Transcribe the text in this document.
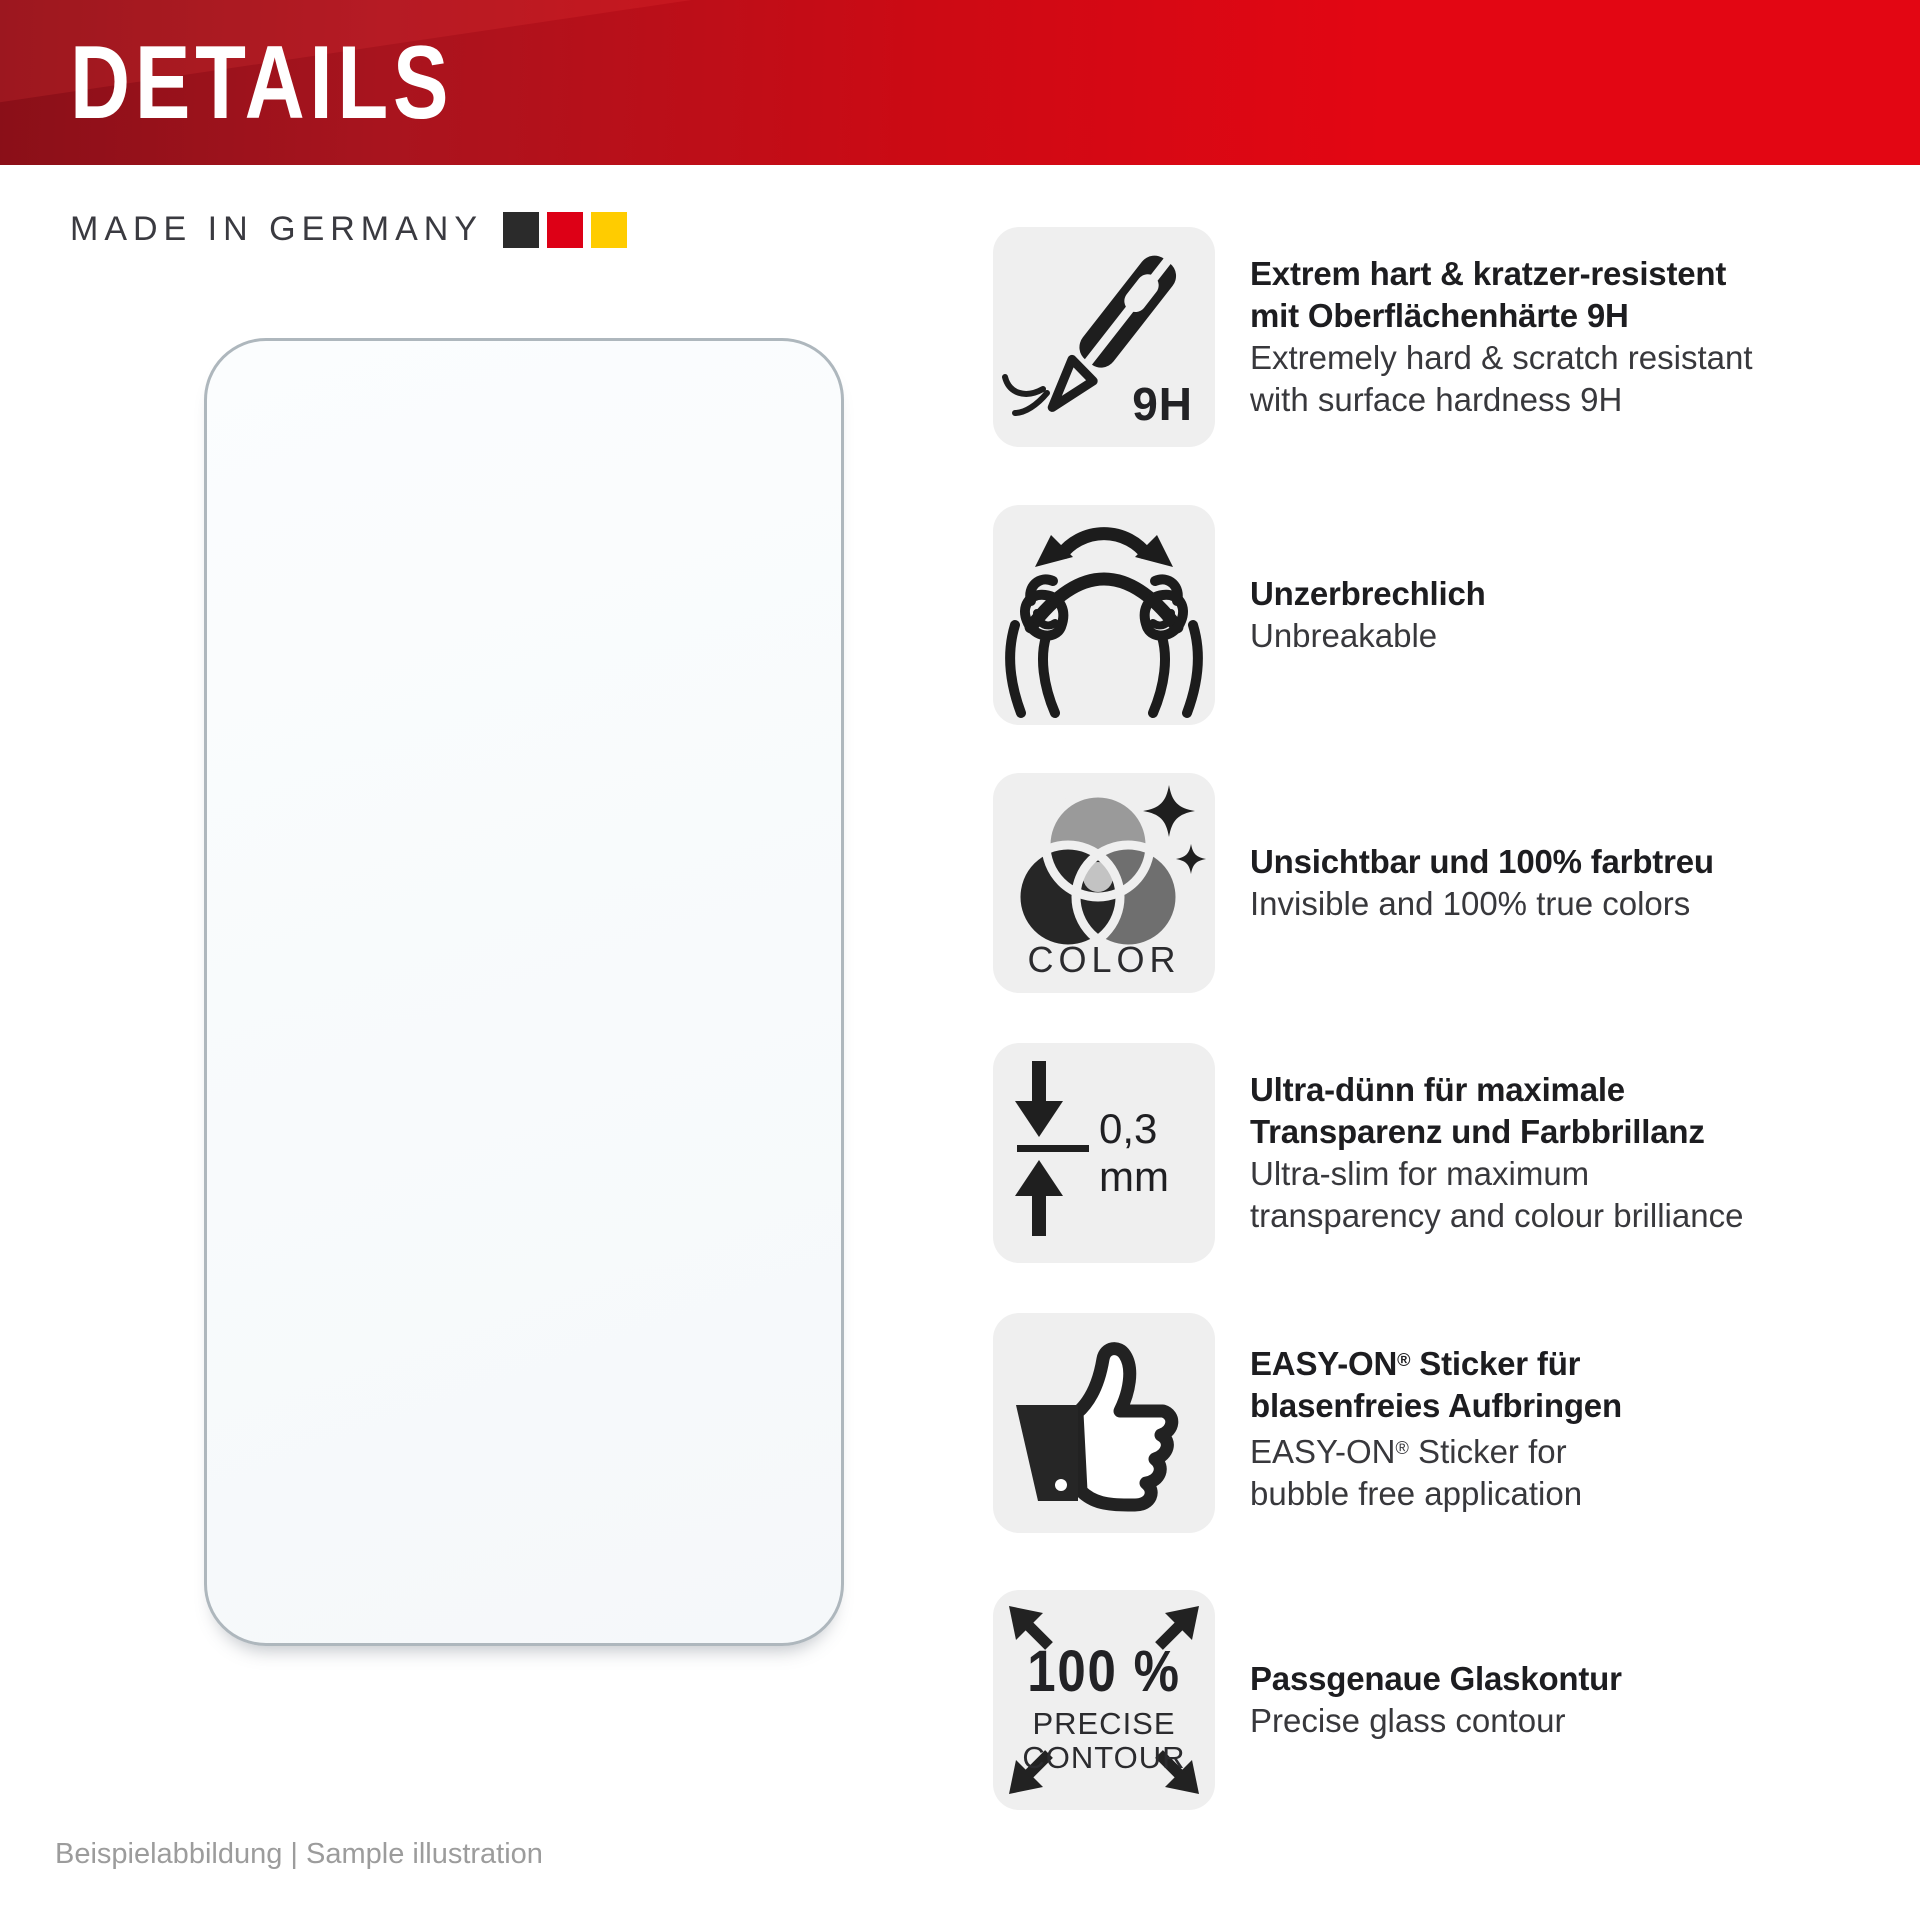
DETAILS
MADE IN GERMANY
9H
Extrem hart & kratzer-resistent
mit Oberflächenhärte 9H
Extremely hard & scratch resistant
with surface hardness 9H
Unzerbrechlich
Unbreakable
COLOR
Unsichtbar und 100% farbtreu
Invisible and 100% true colors
0,3
mm
Ultra-dünn für maximale
Transparenz und Farbbrillanz
Ultra-slim for maximum
transparency and colour brilliance
EASY-ON® Sticker für
blasenfreies Aufbringen
EASY-ON® Sticker for
bubble free application
100 %
PRECISE
CONTOUR
Passgenaue Glaskontur
Precise glass contour
Beispielabbildung | Sample illustration
